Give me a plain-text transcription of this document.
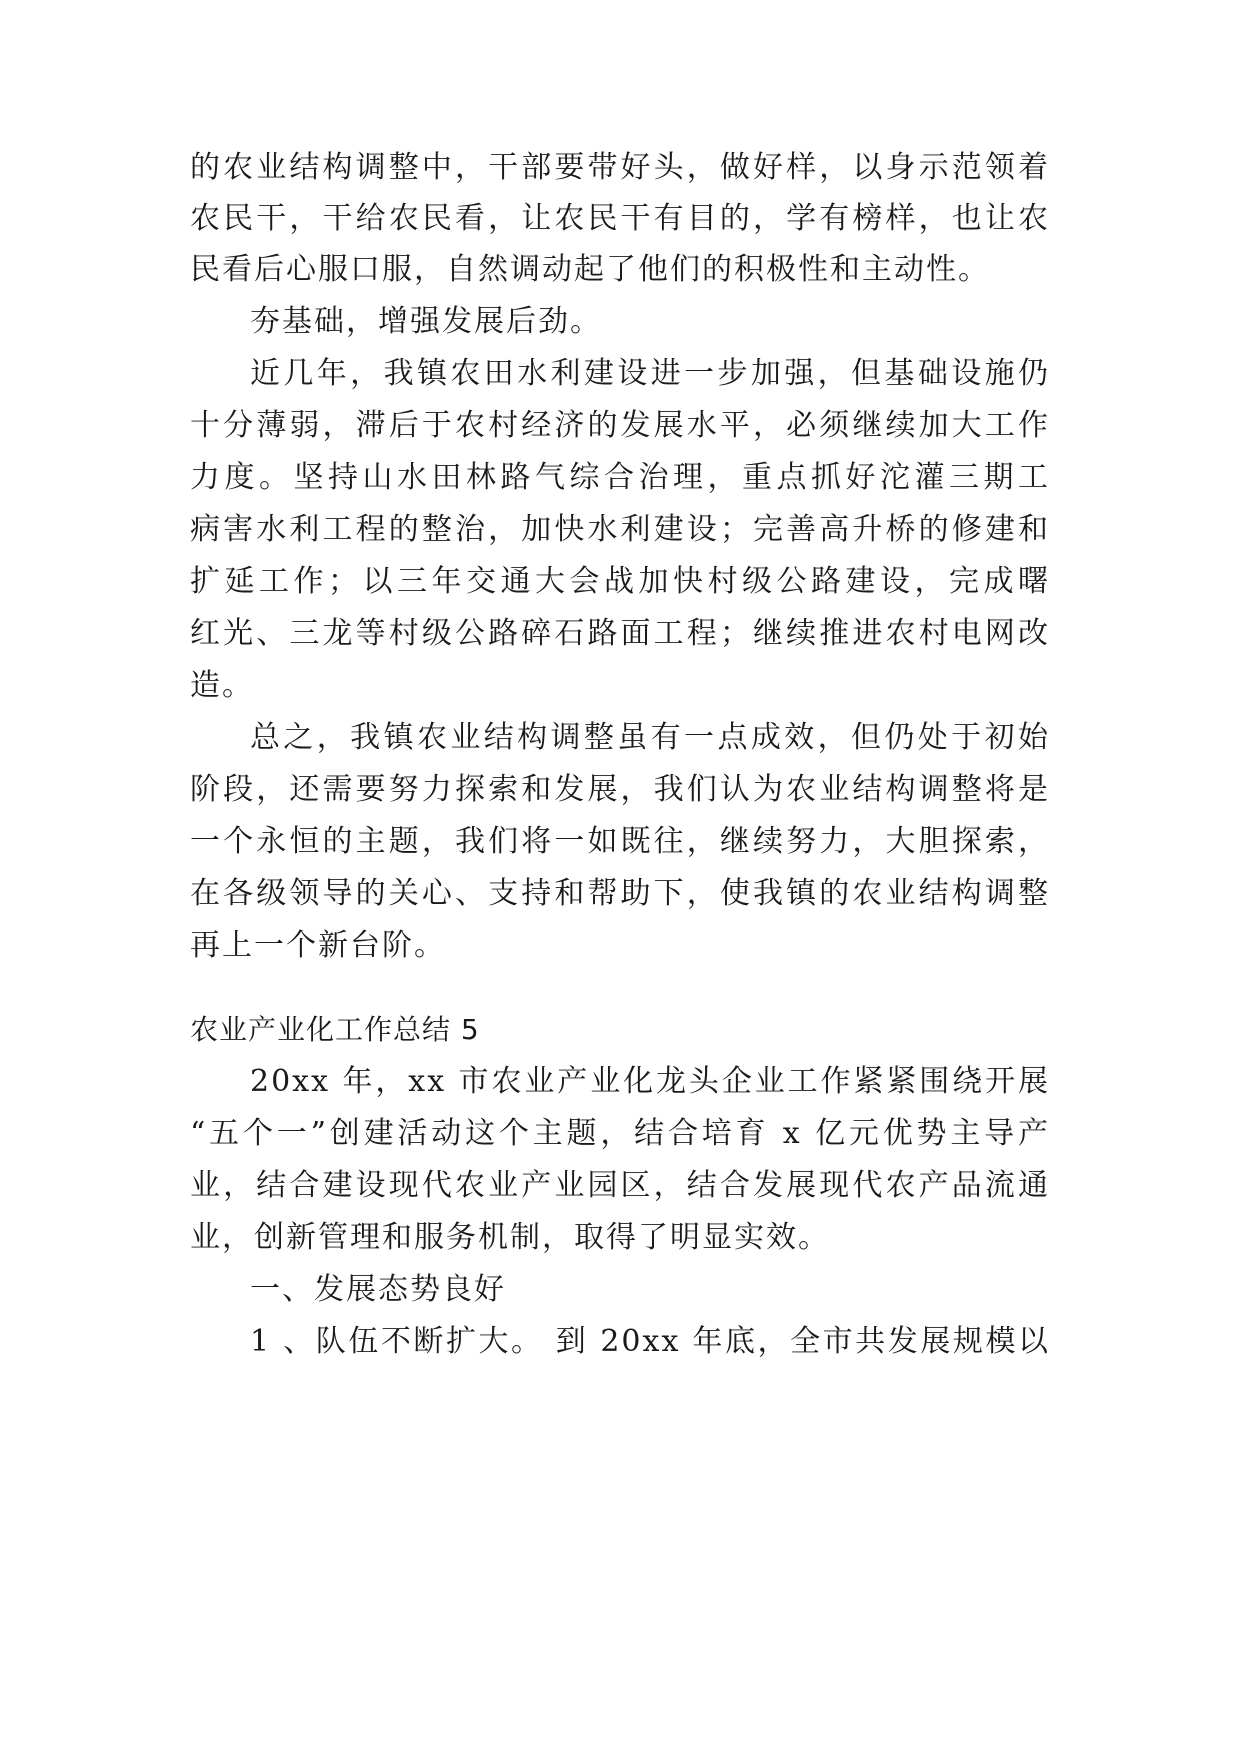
的农业结构调整中，干部要带好头，做好样，以身示范领着
农民干，干给农民看，让农民干有目的，学有榜样，也让农
民看后心服口服，自然调动起了他们的积极性和主动性。
夯基础，增强发展后劲。
近几年，我镇农田水利建设进一步加强，但基础设施仍
十分薄弱，滞后于农村经济的发展水平，必须继续加大工作
力度。坚持山水田林路气综合治理，重点抓好沱灌三期工
病害水利工程的整治，加快水利建设；完善高升桥的修建和
扩延工作；以三年交通大会战加快村级公路建设，完成曙
红光、三龙等村级公路碎石路面工程；继续推进农村电网改
造。
总之，我镇农业结构调整虽有一点成效，但仍处于初始
阶段，还需要努力探索和发展，我们认为农业结构调整将是
一个永恒的主题，我们将一如既往，继续努力，大胆探索，
在各级领导的关心、支持和帮助下，使我镇的农业结构调整
再上一个新台阶。
农业产业化工作总结 5
20xx 年，xx 市农业产业化龙头企业工作紧紧围绕开展
“五个一”创建活动这个主题，结合培育 x 亿元优势主导产
业，结合建设现代农业产业园区，结合发展现代农产品流通
业，创新管理和服务机制，取得了明显实效。
一、发展态势良好
1 、队伍不断扩大。 到 20xx 年底，全市共发展规模以
